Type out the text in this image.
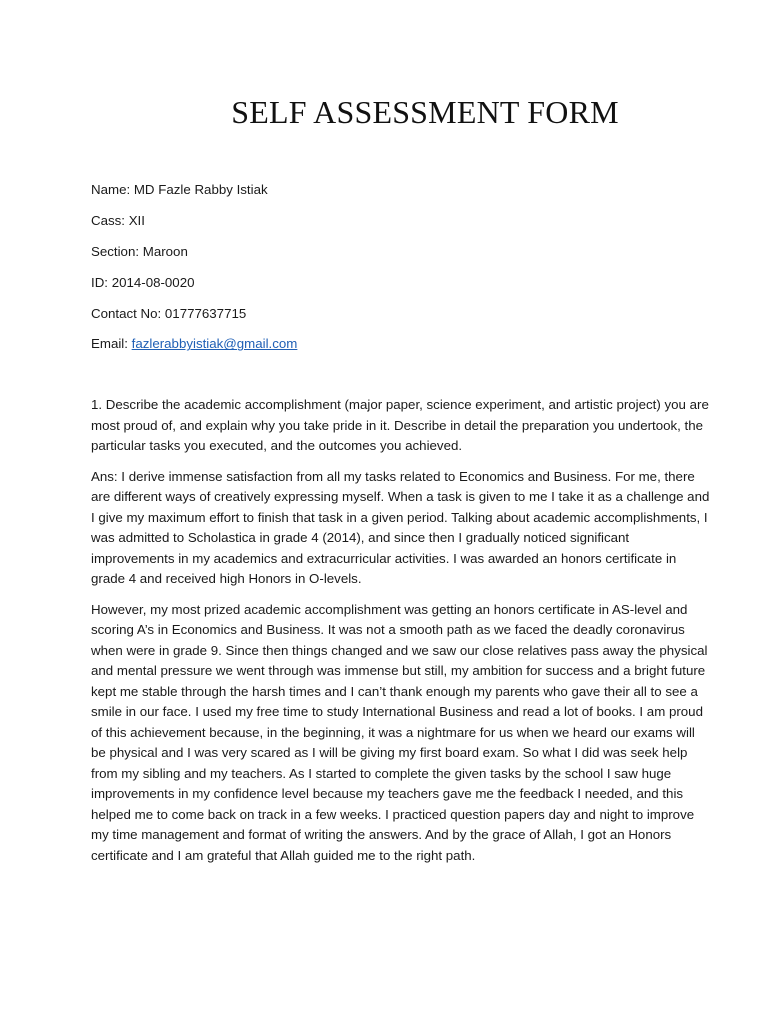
SELF ASSESSMENT FORM
Name: MD Fazle Rabby Istiak
Cass: XII
Section: Maroon
ID: 2014-08-0020
Contact No: 01777637715
Email: fazlerabbyistiak@gmail.com

1. Describe the academic accomplishment (major paper, science experiment, and artistic project) you are most proud of, and explain why you take pride in it. Describe in detail the preparation you undertook, the particular tasks you executed, and the outcomes you achieved.

Ans: I derive immense satisfaction from all my tasks related to Economics and Business. For me, there are different ways of creatively expressing myself. When a task is given to me I take it as a challenge and I give my maximum effort to finish that task in a given period. Talking about academic accomplishments, I was admitted to Scholastica in grade 4 (2014), and since then I gradually noticed significant improvements in my academics and extracurricular activities. I was awarded an honors certificate in grade 4 and received high Honors in O-levels.

However, my most prized academic accomplishment was getting an honors certificate in AS-level and scoring A’s in Economics and Business. It was not a smooth path as we faced the deadly coronavirus when were in grade 9. Since then things changed and we saw our close relatives pass away the physical and mental pressure we went through was immense but still, my ambition for success and a bright future kept me stable through the harsh times and I can’t thank enough my parents who gave their all to see a smile in our face. I used my free time to study International Business and read a lot of books. I am proud of this achievement because, in the beginning, it was a nightmare for us when we heard our exams will be physical and I was very scared as I will be giving my first board exam. So what I did was seek help from my sibling and my teachers. As I started to complete the given tasks by the school I saw huge improvements in my confidence level because my teachers gave me the feedback I needed, and this helped me to come back on track in a few weeks. I practiced question papers day and night to improve my time management and format of writing the answers. And by the grace of Allah, I got an Honors certificate and I am grateful that Allah guided me to the right path.
